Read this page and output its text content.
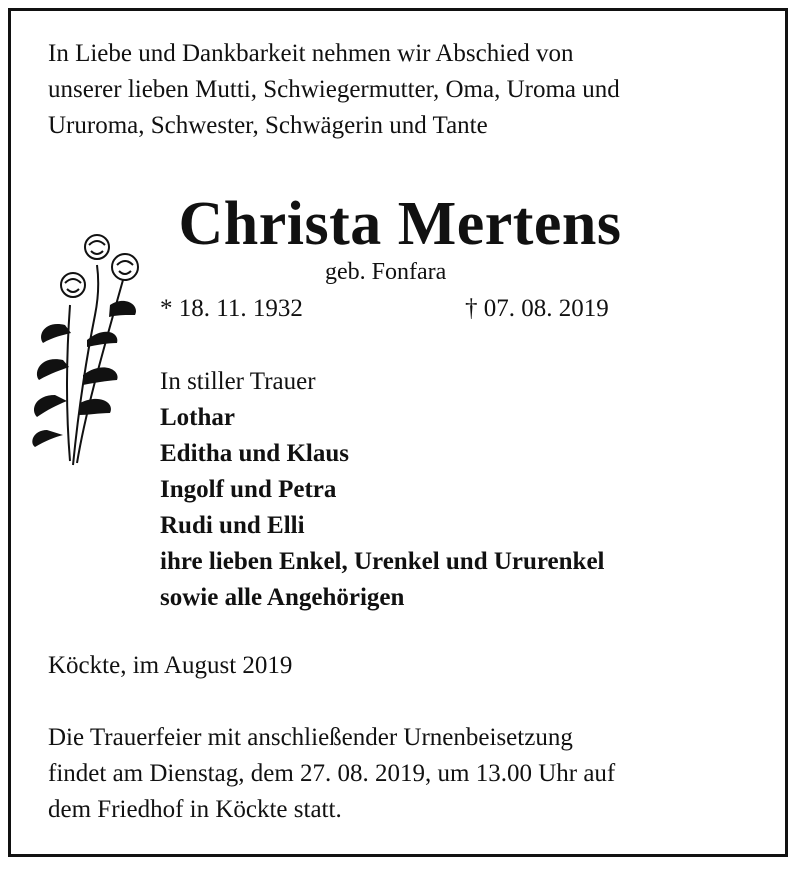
In Liebe und Dankbarkeit nehmen wir Abschied von
unserer lieben Mutti, Schwiegermutter, Oma, Uroma und
Ururoma, Schwester, Schwägerin und Tante
Christa Mertens
geb. Fonfara
* 18. 11. 1932	† 07. 08. 2019
In stiller Trauer
Lothar
Editha und Klaus
Ingolf und Petra
Rudi und Elli
ihre lieben Enkel, Urenkel und Ururenkel
sowie alle Angehörigen
Köckte, im August 2019
Die Trauerfeier mit anschließender Urnenbeisetzung
findet am Dienstag, dem 27. 08. 2019, um 13.00 Uhr auf
dem Friedhof in Köckte statt.
